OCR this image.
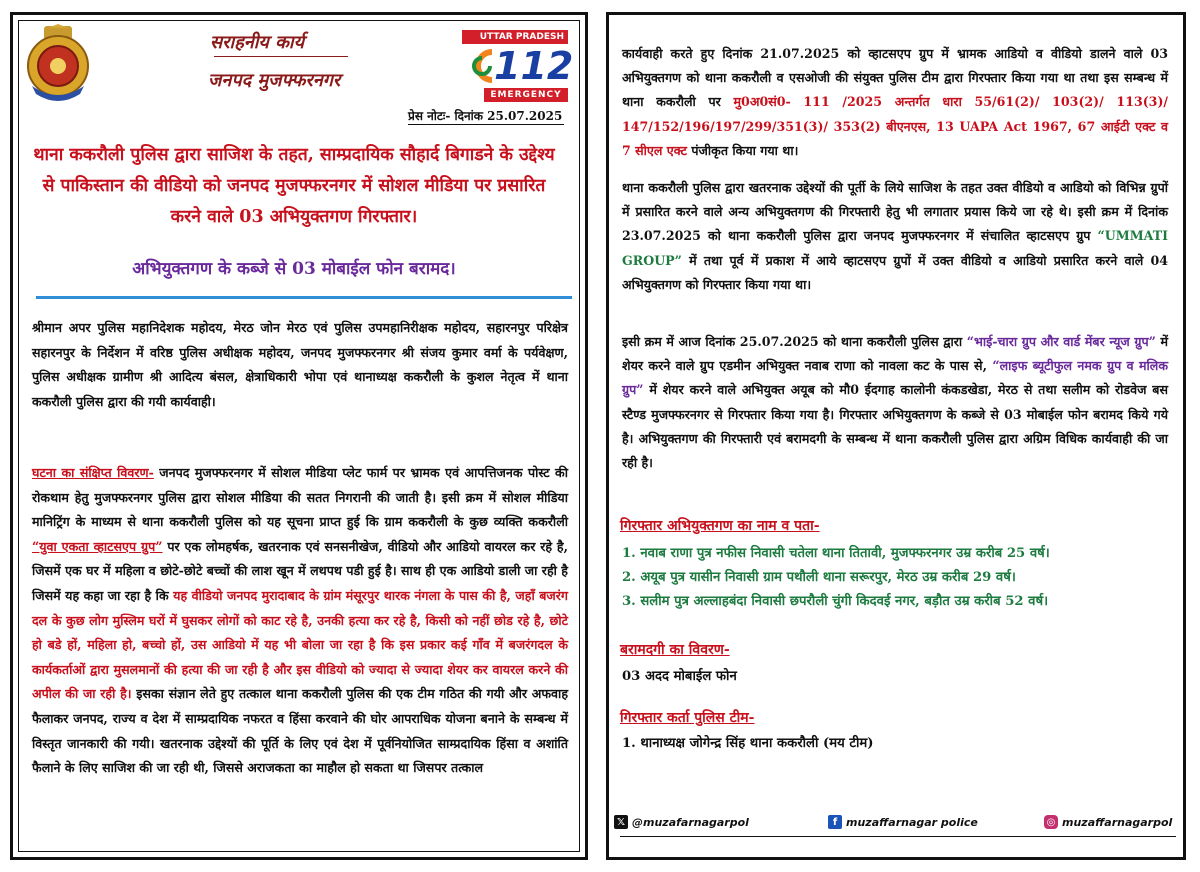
सराहनीय कार्य
जनपद मुजफ्फरनगर
UTTAR PRADESH
112
EMERGENCY
प्रेस नोटः- दिनांक 25.07.2025
थाना ककरौली पुलिस द्वारा साजिश के तहत, साम्प्रदायिक सौहार्द बिगाडने के उद्देश्य से पाकिस्तान की वीडियो को जनपद मुजफ्फरनगर में सोशल मीडिया पर प्रसारित करने वाले 03 अभियुक्तगण गिरफ्तार।
अभियुक्तगण के कब्जे से 03 मोबाईल फोन बरामद।
श्रीमान अपर पुलिस महानिदेशक महोदय, मेरठ जोन मेरठ एवं पुलिस उपमहानिरीक्षक महोदय, सहारनपुर परिक्षेत्र सहारनपुर के निर्देशन में वरिष्ठ पुलिस अधीक्षक महोदय, जनपद मुजफ्फरनगर श्री संजय कुमार वर्मा के पर्यवेक्षण, पुलिस अधीक्षक ग्रामीण श्री आदित्य बंसल, क्षेत्राधिकारी भोपा एवं थानाध्यक्ष ककरौली के कुशल नेतृत्व में थाना ककरौली पुलिस द्वारा की गयी कार्यवाही।
घटना का संक्षिप्त विवरण- जनपद मुजफ्फरनगर में सोशल मीडिया प्लेट फार्म पर भ्रामक एवं आपत्तिजनक पोस्ट की रोकथाम हेतु मुजफ्फरनगर पुलिस द्वारा सोशल मीडिया की सतत निगरानी की जाती है। इसी क्रम में सोशल मीडिया मानिट्रिंग के माध्यम से थाना ककरौली पुलिस को यह सूचना प्राप्त हुई कि ग्राम ककरौली के कुछ व्यक्ति ककरौली “युवा एकता व्हाटसएप ग्रुप” पर एक लोमहर्षक, खतरनाक एवं सनसनीखेज, वीडियो और आडियो वायरल कर रहे है, जिसमें एक घर में महिला व छोटे-छोटे बच्चों की लाश खून में लथपथ पडी हुई है। साथ ही एक आडियो डाली जा रही है जिसमें यह कहा जा रहा है कि यह वीडियो जनपद मुरादाबाद के ग्रांम मंसूरपुर थारक नंगला के पास की है, जहाँ बजरंग दल के कुछ लोग मुस्लिम घरों में घुसकर लोगों को काट रहे है, उनकी हत्या कर रहे है, किसी को नहीं छोड रहे है, छोटे हो बडे हों, महिला हो, बच्चो हों, उस आडियो में यह भी बोला जा रहा है कि इस प्रकार कई गाँव में बजरंगदल के कार्यकर्ताओं द्वारा मुसलमानों की हत्या की जा रही है और इस वीडियो को ज्यादा से ज्यादा शेयर कर वायरल करने की अपील की जा रही है। इसका संज्ञान लेते हुए तत्काल थाना ककरौली पुलिस की एक टीम गठित की गयी और अफवाह फैलाकर जनपद, राज्य व देश में साम्प्रदायिक नफरत व हिंसा करवाने की घोर आपराधिक योजना बनाने के सम्बन्ध में विस्तृत जानकारी की गयी। खतरनाक उद्देश्यों की पूर्ति के लिए एवं देश में पूर्वनियोजित साम्प्रदायिक हिंसा व अशांति फैलाने के लिए साजिश की जा रही थी, जिससे अराजकता का माहौल हो सकता था जिसपर तत्काल
कार्यवाही करते हुए दिनांक 21.07.2025 को व्हाटसएप ग्रुप में भ्रामक आडियो व वीडियो डालने वाले 03 अभियुक्तगण को थाना ककरौली व एसओजी की संयुक्त पुलिस टीम द्वारा गिरफ्तार किया गया था तथा इस सम्बन्ध में थाना ककरौली पर मु0अ0सं0- 111 /2025 अन्तर्गत धारा 55/61(2)/ 103(2)/ 113(3)/ 147/152/196/197/299/351(3)/ 353(2) बीएनएस, 13 UAPA Act 1967, 67 आईटी एक्ट व 7 सीएल एक्ट पंजीकृत किया गया था।
थाना ककरौली पुलिस द्वारा खतरनाक उद्देश्यों की पूर्ती के लिये साजिश के तहत उक्त वीडियो व आडियो को विभिन्न ग्रुपों में प्रसारित करने वाले अन्य अभियुक्तगण की गिरफ्तारी हेतु भी लगातार प्रयास किये जा रहे थे। इसी क्रम में दिनांक 23.07.2025 को थाना ककरौली पुलिस द्वारा जनपद मुजफ्फरनगर में संचालित व्हाटसएप ग्रुप “UMMATI GROUP” में तथा पूर्व में प्रकाश में आये व्हाटसएप ग्रुपों में उक्त वीडियो व आडियो प्रसारित करने वाले 04 अभियुक्तगण को गिरफ्तार किया गया था।
इसी क्रम में आज दिनांक 25.07.2025 को थाना ककरौली पुलिस द्वारा “भाई-चारा ग्रुप और वार्ड मेंबर न्यूज ग्रुप” में शेयर करने वाले ग्रुप एडमीन अभियुक्त नवाब राणा को नावला कट के पास से, “लाइफ ब्यूटीफुल नमक ग्रुप व मलिक ग्रुप” में शेयर करने वाले अभियुक्त अयूब को मौ0 ईदगाह कालोनी कंकडखेडा, मेरठ से तथा सलीम को रोडवेज बस स्टैण्ड मुजफ्फरनगर से गिरफ्तार किया गया है। गिरफ्तार अभियुक्तगण के कब्जे से 03 मोबाईल फोन बरामद किये गये है। अभियुक्तगण की गिरफ्तारी एवं बरामदगी के सम्बन्ध में थाना ककरौली पुलिस द्वारा अग्रिम विधिक कार्यवाही की जा रही है।
गिरफ्तार अभियुक्तगण का नाम व पता-
1. नवाब राणा पुत्र नफीस निवासी चतेला थाना तितावी, मुजफ्फरनगर उम्र करीब 25 वर्ष।
2. अयूब पुत्र यासीन निवासी ग्राम पथौली थाना सरूरपुर, मेरठ उम्र करीब 29 वर्ष।
3. सलीम पुत्र अल्लाहबंदा निवासी छपरौली चुंगी किदवई नगर, बड़ौत उम्र करीब 52 वर्ष।
बरामदगी का विवरण-
03 अदद मोबाईल फोन
गिरफ्तार कर्ता पुलिस टीम-
1. थानाध्यक्ष जोगेन्द्र सिंह थाना ककरौली (मय टीम)
𝕏 @muzafarnagarpol	f muzaffarnagar police	◎ muzaffarnagarpol
